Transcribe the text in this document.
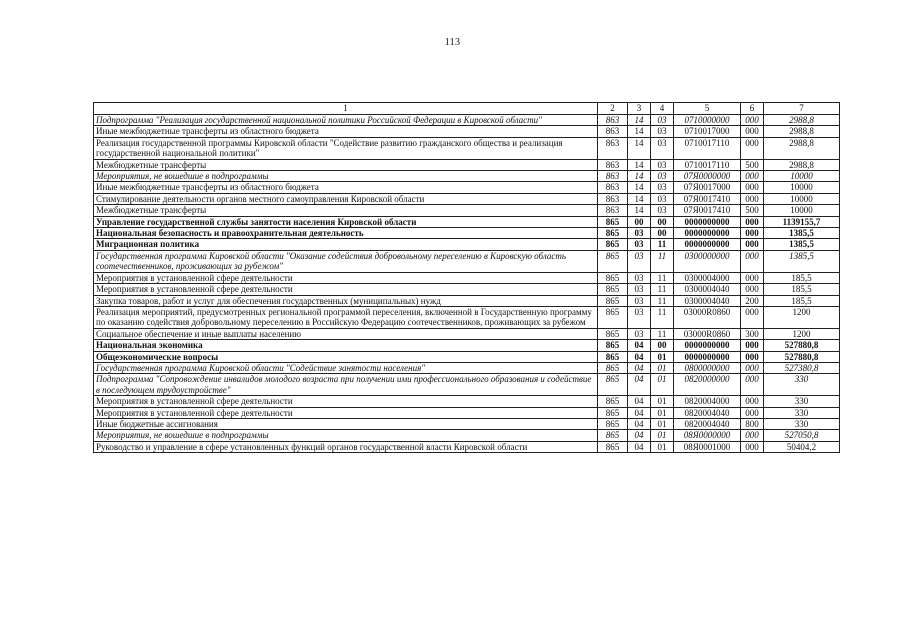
113
1	2	3	4	5	6	7
Подпрограмма "Реализация государственной национальной политики Российской Федерации в Кировской области"	863	14	03	0710000000	000	2988,8
Иные межбюджетные трансферты из областного бюджета	863	14	03	0710017000	000	2988,8
Реализация государственной программы Кировской области "Содействие развитию гражданского общества и реализация государственной национальной политики"	863	14	03	0710017110	000	2988,8
Межбюджетные трансферты	863	14	03	0710017110	500	2988,8
Мероприятия, не вошедшие в подпрограммы	863	14	03	07Я0000000	000	10000
Иные межбюджетные трансферты из областного бюджета	863	14	03	07Я0017000	000	10000
Стимулирование деятельности органов местного самоуправления Кировской области	863	14	03	07Я0017410	000	10000
Межбюджетные трансферты	863	14	03	07Я0017410	500	10000
Управление государственной службы занятости населения Кировской области	865	00	00	0000000000	000	1139155,7
Национальная безопасность и правоохранительная деятельность	865	03	00	0000000000	000	1385,5
Миграционная политика	865	03	11	0000000000	000	1385,5
Государственная программа Кировской области "Оказание содействия добровольному переселению в Кировскую область соотечественников, проживающих за рубежом"	865	03	11	0300000000	000	1385,5
Мероприятия в установленной сфере деятельности	865	03	11	0300004000	000	185,5
Мероприятия в установленной сфере деятельности	865	03	11	0300004040	000	185,5
Закупка товаров, работ и услуг для обеспечения государственных (муниципальных) нужд	865	03	11	0300004040	200	185,5
Реализация мероприятий, предусмотренных региональной программой переселения, включенной в Государственную программу по оказанию содействия добровольному переселению в Российскую Федерацию соотечественников, проживающих за рубежом	865	03	11	03000R0860	000	1200
Социальное обеспечение и иные выплаты населению	865	03	11	03000R0860	300	1200
Национальная экономика	865	04	00	0000000000	000	527880,8
Общеэкономические вопросы	865	04	01	0000000000	000	527880,8
Государственная программа Кировской области "Содействие занятости населения"	865	04	01	0800000000	000	527380,8
Подпрограмма "Сопровождение инвалидов молодого возраста при получении ими профессионального образования и содействие в последующем трудоустройстве"	865	04	01	0820000000	000	330
Мероприятия в установленной сфере деятельности	865	04	01	0820004000	000	330
Мероприятия в установленной сфере деятельности	865	04	01	0820004040	000	330
Иные бюджетные ассигнования	865	04	01	0820004040	800	330
Мероприятия, не вошедшие в подпрограммы	865	04	01	08Я0000000	000	527050,8
Руководство и управление в сфере установленных функций органов государственной власти Кировской области	865	04	01	08Я0001000	000	50404,2
